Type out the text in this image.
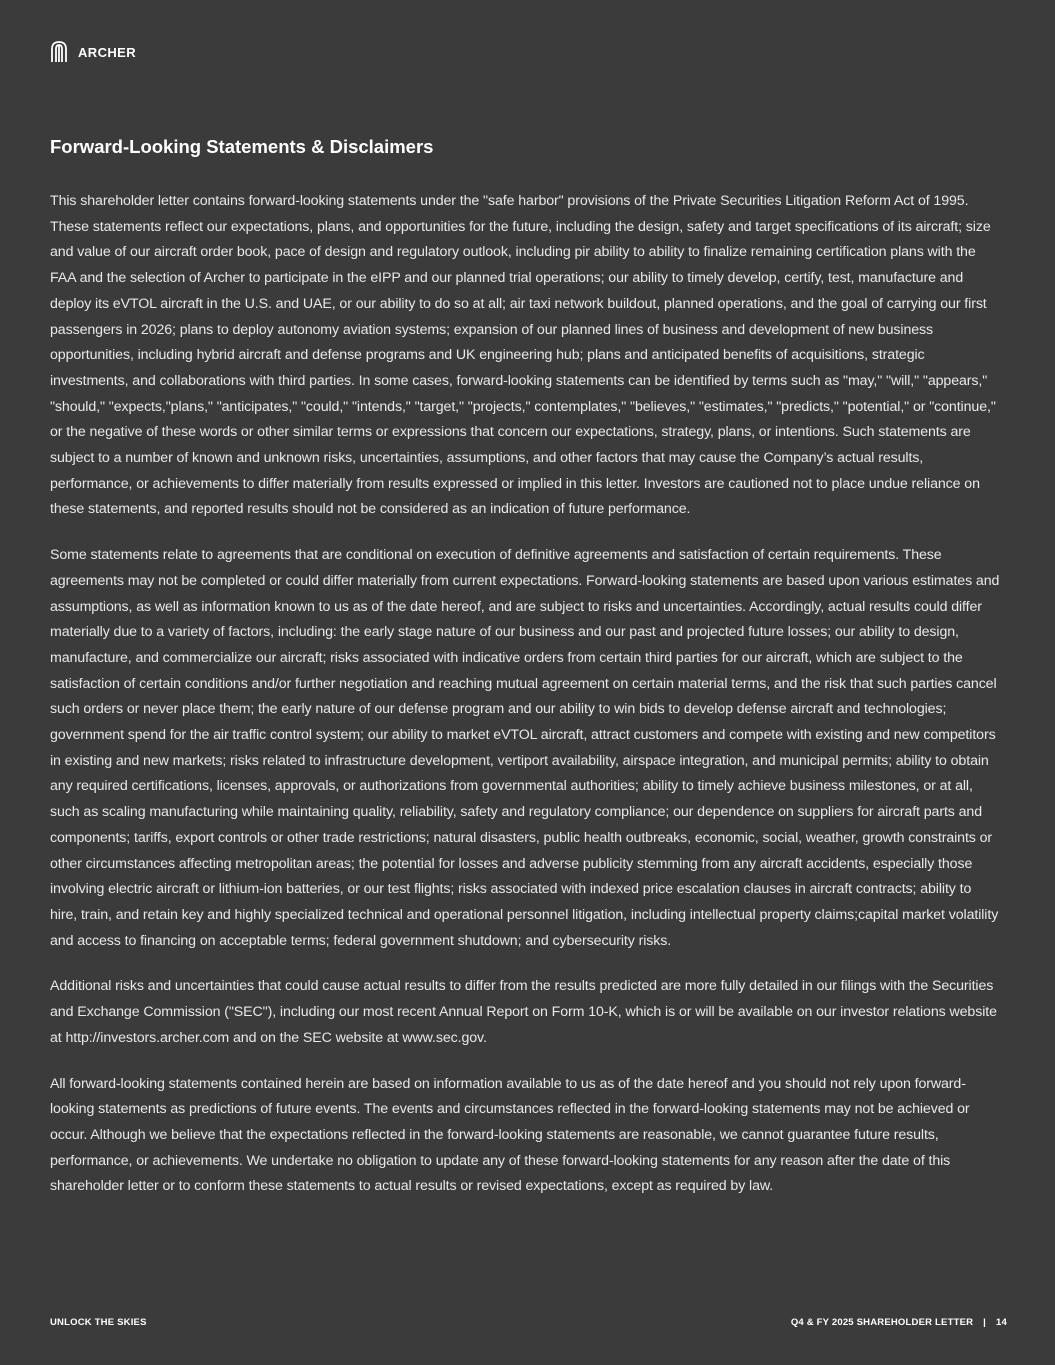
ARCHER
Forward-Looking Statements & Disclaimers

This shareholder letter contains forward-looking statements under the "safe harbor" provisions of the Private Securities Litigation Reform Act of 1995. These statements reflect our expectations, plans, and opportunities for the future, including the design, safety and target specifications of its aircraft; size and value of our aircraft order book, pace of design and regulatory outlook, including pir ability to ability to finalize remaining certification plans with the FAA and the selection of Archer to participate in the eIPP and our planned trial operations; our ability to timely develop, certify, test, manufacture and deploy its eVTOL aircraft in the U.S. and UAE, or our ability to do so at all; air taxi network buildout, planned operations, and the goal of carrying our first passengers in 2026; plans to deploy autonomy aviation systems; expansion of our planned lines of business and development of new business opportunities, including hybrid aircraft and defense programs and UK engineering hub; plans and anticipated benefits of acquisitions, strategic investments, and collaborations with third parties. In some cases, forward-looking statements can be identified by terms such as "may," "will," "appears," "should," "expects,"plans," "anticipates," "could," "intends," "target," "projects," contemplates," "believes," "estimates," "predicts," "potential," or "continue," or the negative of these words or other similar terms or expressions that concern our expectations, strategy, plans, or intentions. Such statements are subject to a number of known and unknown risks, uncertainties, assumptions, and other factors that may cause the Company’s actual results, performance, or achievements to differ materially from results expressed or implied in this letter. Investors are cautioned not to place undue reliance on these statements, and reported results should not be considered as an indication of future performance.

Some statements relate to agreements that are conditional on execution of definitive agreements and satisfaction of certain requirements. These agreements may not be completed or could differ materially from current expectations. Forward-looking statements are based upon various estimates and assumptions, as well as information known to us as of the date hereof, and are subject to risks and uncertainties. Accordingly, actual results could differ materially due to a variety of factors, including: the early stage nature of our business and our past and projected future losses; our ability to design, manufacture, and commercialize our aircraft; risks associated with indicative orders from certain third parties for our aircraft, which are subject to the satisfaction of certain conditions and/or further negotiation and reaching mutual agreement on certain material terms, and the risk that such parties cancel such orders or never place them; the early nature of our defense program and our ability to win bids to develop defense aircraft and technologies; government spend for the air traffic control system; our ability to market eVTOL aircraft, attract customers and compete with existing and new competitors in existing and new markets; risks related to infrastructure development, vertiport availability, airspace integration, and municipal permits; ability to obtain any required certifications, licenses, approvals, or authorizations from governmental authorities; ability to timely achieve business milestones, or at all, such as scaling manufacturing while maintaining quality, reliability, safety and regulatory compliance; our dependence on suppliers for aircraft parts and components; tariffs, export controls or other trade restrictions; natural disasters, public health outbreaks, economic, social, weather, growth constraints or other circumstances affecting metropolitan areas; the potential for losses and adverse publicity stemming from any aircraft accidents, especially those involving electric aircraft or lithium-ion batteries, or our test flights; risks associated with indexed price escalation clauses in aircraft contracts; ability to hire, train, and retain key and highly specialized technical and operational personnel litigation, including intellectual property claims;capital market volatility and access to financing on acceptable terms; federal government shutdown; and cybersecurity risks.

Additional risks and uncertainties that could cause actual results to differ from the results predicted are more fully detailed in our filings with the Securities and Exchange Commission ("SEC"), including our most recent Annual Report on Form 10-K, which is or will be available on our investor relations website at http://investors.archer.com and on the SEC website at www.sec.gov.

All forward-looking statements contained herein are based on information available to us as of the date hereof and you should not rely upon forward-looking statements as predictions of future events. The events and circumstances reflected in the forward-looking statements may not be achieved or occur. Although we believe that the expectations reflected in the forward-looking statements are reasonable, we cannot guarantee future results, performance, or achievements. We undertake no obligation to update any of these forward-looking statements for any reason after the date of this shareholder letter or to conform these statements to actual results or revised expectations, except as required by law.

UNLOCK THE SKIES	Q4 & FY 2025 SHAREHOLDER LETTER | 14
